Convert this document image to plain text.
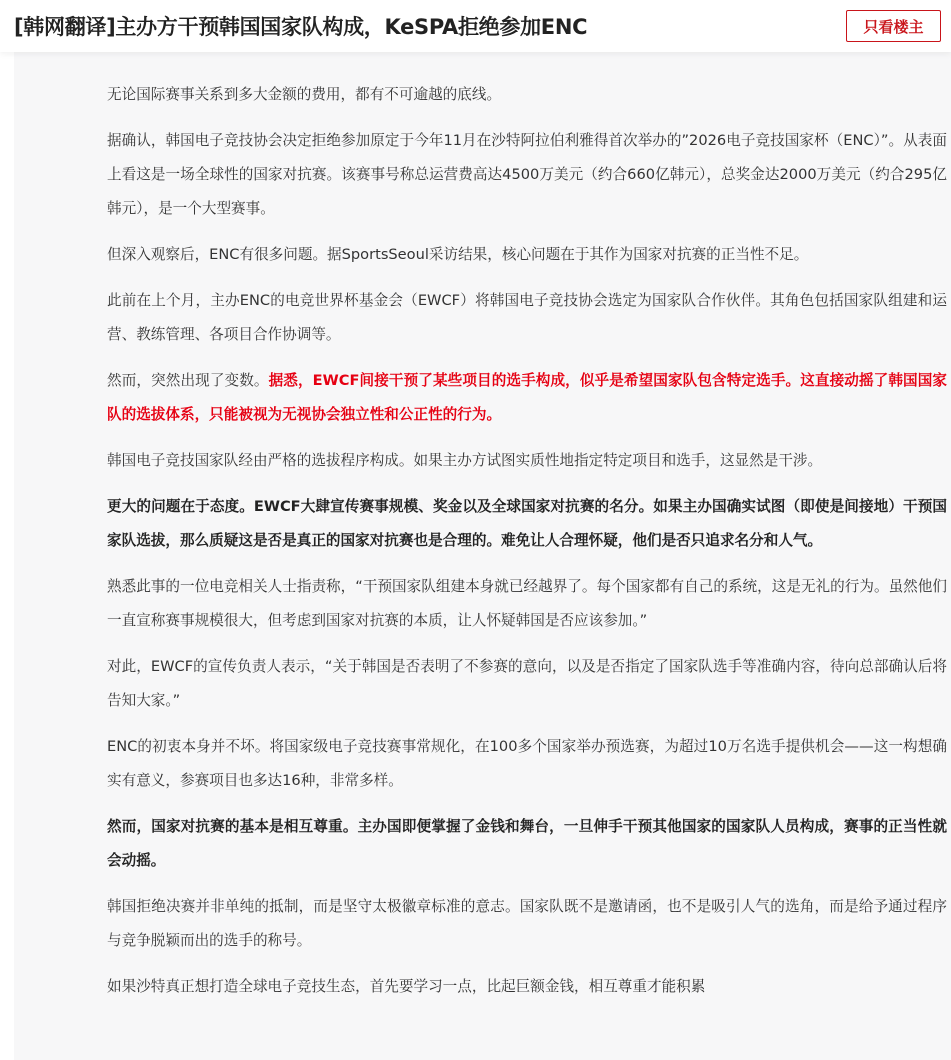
[韩网翻译]主办方干预韩国国家队构成，KeSPA拒绝参加ENC	只看楼主

无论国际赛事关系到多大金额的费用，都有不可逾越的底线。

据确认，韩国电子竞技协会决定拒绝参加原定于今年11月在沙特阿拉伯利雅得首次举办的”2026电子竞技国家杯（ENC）”。从表面上看这是一场全球性的国家对抗赛。该赛事号称总运营费高达4500万美元（约合660亿韩元），总奖金达2000万美元（约合295亿韩元），是一个大型赛事。

但深入观察后，ENC有很多问题。据SportsSeoul采访结果，核心问题在于其作为国家对抗赛的正当性不足。

此前在上个月，主办ENC的电竞世界杯基金会（EWCF）将韩国电子竞技协会选定为国家队合作伙伴。其角色包括国家队组建和运营、教练管理、各项目合作协调等。

然而，突然出现了变数。据悉，EWCF间接干预了某些项目的选手构成，似乎是希望国家队包含特定选手。这直接动摇了韩国国家队的选拔体系，只能被视为无视协会独立性和公正性的行为。

韩国电子竞技国家队经由严格的选拔程序构成。如果主办方试图实质性地指定特定项目和选手，这显然是干涉。

更大的问题在于态度。EWCF大肆宣传赛事规模、奖金以及全球国家对抗赛的名分。如果主办国确实试图（即使是间接地）干预国家队选拔，那么质疑这是否是真正的国家对抗赛也是合理的。难免让人合理怀疑，他们是否只追求名分和人气。

熟悉此事的一位电竞相关人士指责称，“干预国家队组建本身就已经越界了。每个国家都有自己的系统，这是无礼的行为。虽然他们一直宣称赛事规模很大，但考虑到国家对抗赛的本质，让人怀疑韩国是否应该参加。”

对此，EWCF的宣传负责人表示，“关于韩国是否表明了不参赛的意向，以及是否指定了国家队选手等准确内容，待向总部确认后将告知大家。”

ENC的初衷本身并不坏。将国家级电子竞技赛事常规化，在100多个国家举办预选赛，为超过10万名选手提供机会——这一构想确实有意义，参赛项目也多达16种，非常多样。

然而，国家对抗赛的基本是相互尊重。主办国即便掌握了金钱和舞台，一旦伸手干预其他国家的国家队人员构成，赛事的正当性就会动摇。

韩国拒绝决赛并非单纯的抵制，而是坚守太极徽章标准的意志。国家队既不是邀请函，也不是吸引人气的选角，而是给予通过程序与竞争脱颖而出的选手的称号。

如果沙特真正想打造全球电子竞技生态，首先要学习一点，比起巨额金钱，相互尊重才能积累
